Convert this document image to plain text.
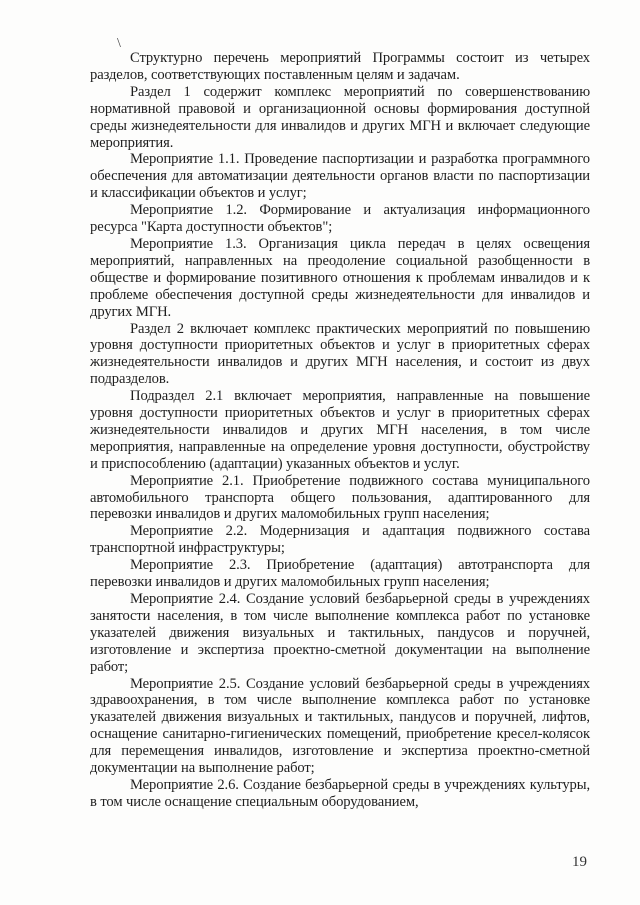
\

Структурно перечень мероприятий Программы состоит из четырех разделов, соответствующих поставленным целям и задачам.

Раздел 1 содержит комплекс мероприятий по совершенствованию нормативной правовой и организационной основы формирования доступной среды жизнедеятельности для инвалидов и других МГН и включает следующие мероприятия.

Мероприятие 1.1. Проведение паспортизации и разработка программного обеспечения для автоматизации деятельности органов власти по паспортизации и классификации объектов и услуг;

Мероприятие 1.2. Формирование и актуализация информационного ресурса "Карта доступности объектов";

Мероприятие 1.3. Организация цикла передач в целях освещения мероприятий, направленных на преодоление социальной разобщенности в обществе и формирование позитивного отношения к проблемам инвалидов и к проблеме обеспечения доступной среды жизнедеятельности для инвалидов и других МГН.

Раздел 2 включает комплекс практических мероприятий по повышению уровня доступности приоритетных объектов и услуг в приоритетных сферах жизнедеятельности инвалидов и других МГН населения, и состоит из двух подразделов.

Подраздел 2.1 включает мероприятия, направленные на повышение уровня доступности приоритетных объектов и услуг в приоритетных сферах жизнедеятельности инвалидов и других МГН населения, в том числе мероприятия, направленные на определение уровня доступности, обустройству и приспособлению (адаптации) указанных объектов и услуг.

Мероприятие 2.1. Приобретение подвижного состава муниципального автомобильного транспорта общего пользования, адаптированного для перевозки инвалидов и других маломобильных групп населения;

Мероприятие 2.2. Модернизация и адаптация подвижного состава транспортной инфраструктуры;

Мероприятие 2.3. Приобретение (адаптация) автотранспорта для перевозки инвалидов и других маломобильных групп населения;

Мероприятие 2.4. Создание условий безбарьерной среды в учреждениях занятости населения, в том числе выполнение комплекса работ по установке указателей движения визуальных и тактильных, пандусов и поручней, изготовление и экспертиза проектно-сметной документации на выполнение работ;

Мероприятие 2.5. Создание условий безбарьерной среды в учреждениях здравоохранения, в том числе выполнение комплекса работ по установке указателей движения визуальных и тактильных, пандусов и поручней, лифтов, оснащение санитарно-гигиенических помещений, приобретение кресел-колясок для перемещения инвалидов, изготовление и экспертиза проектно-сметной документации на выполнение работ;

Мероприятие 2.6. Создание безбарьерной среды в учреждениях культуры, в том числе оснащение специальным оборудованием,

19
